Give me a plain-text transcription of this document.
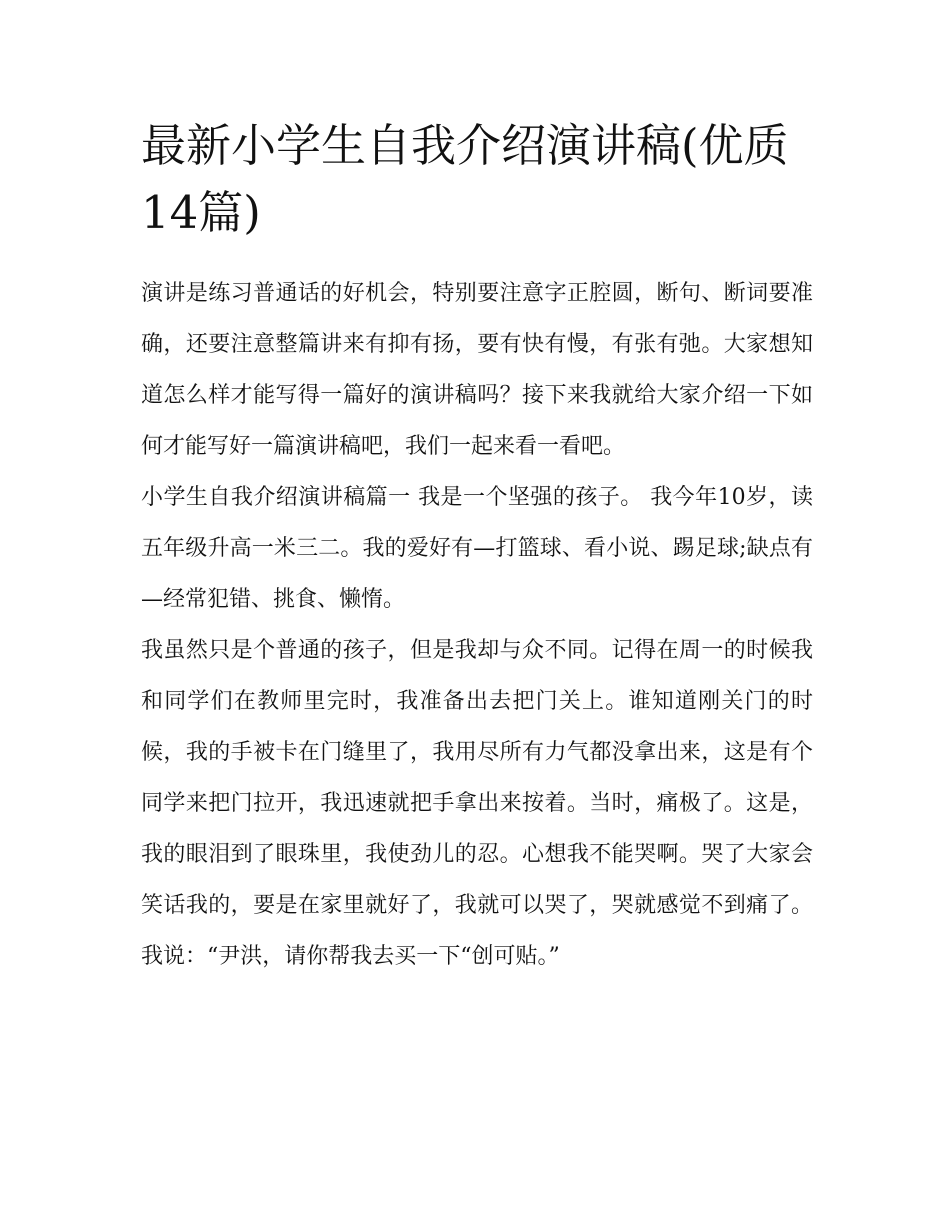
最新小学生自我介绍演讲稿(优质14篇)

演讲是练习普通话的好机会，特别要注意字正腔圆，断句、断词要准确，还要注意整篇讲来有抑有扬，要有快有慢，有张有弛。大家想知道怎么样才能写得一篇好的演讲稿吗？接下来我就给大家介绍一下如何才能写好一篇演讲稿吧，我们一起来看一看吧。

小学生自我介绍演讲稿篇一 我是一个坚强的孩子。 我今年10岁，读五年级升高一米三二。我的爱好有—打篮球、看小说、踢足球;缺点有—经常犯错、挑食、懒惰。

我虽然只是个普通的孩子，但是我却与众不同。记得在周一的时候我和同学们在教师里完时，我准备出去把门关上。谁知道刚关门的时候，我的手被卡在门缝里了，我用尽所有力气都没拿出来，这是有个同学来把门拉开，我迅速就把手拿出来按着。当时，痛极了。这是，我的眼泪到了眼珠里，我使劲儿的忍。心想我不能哭啊。哭了大家会笑话我的，要是在家里就好了，我就可以哭了，哭就感觉不到痛了。我说：“尹洪，请你帮我去买一下“创可贴。”
